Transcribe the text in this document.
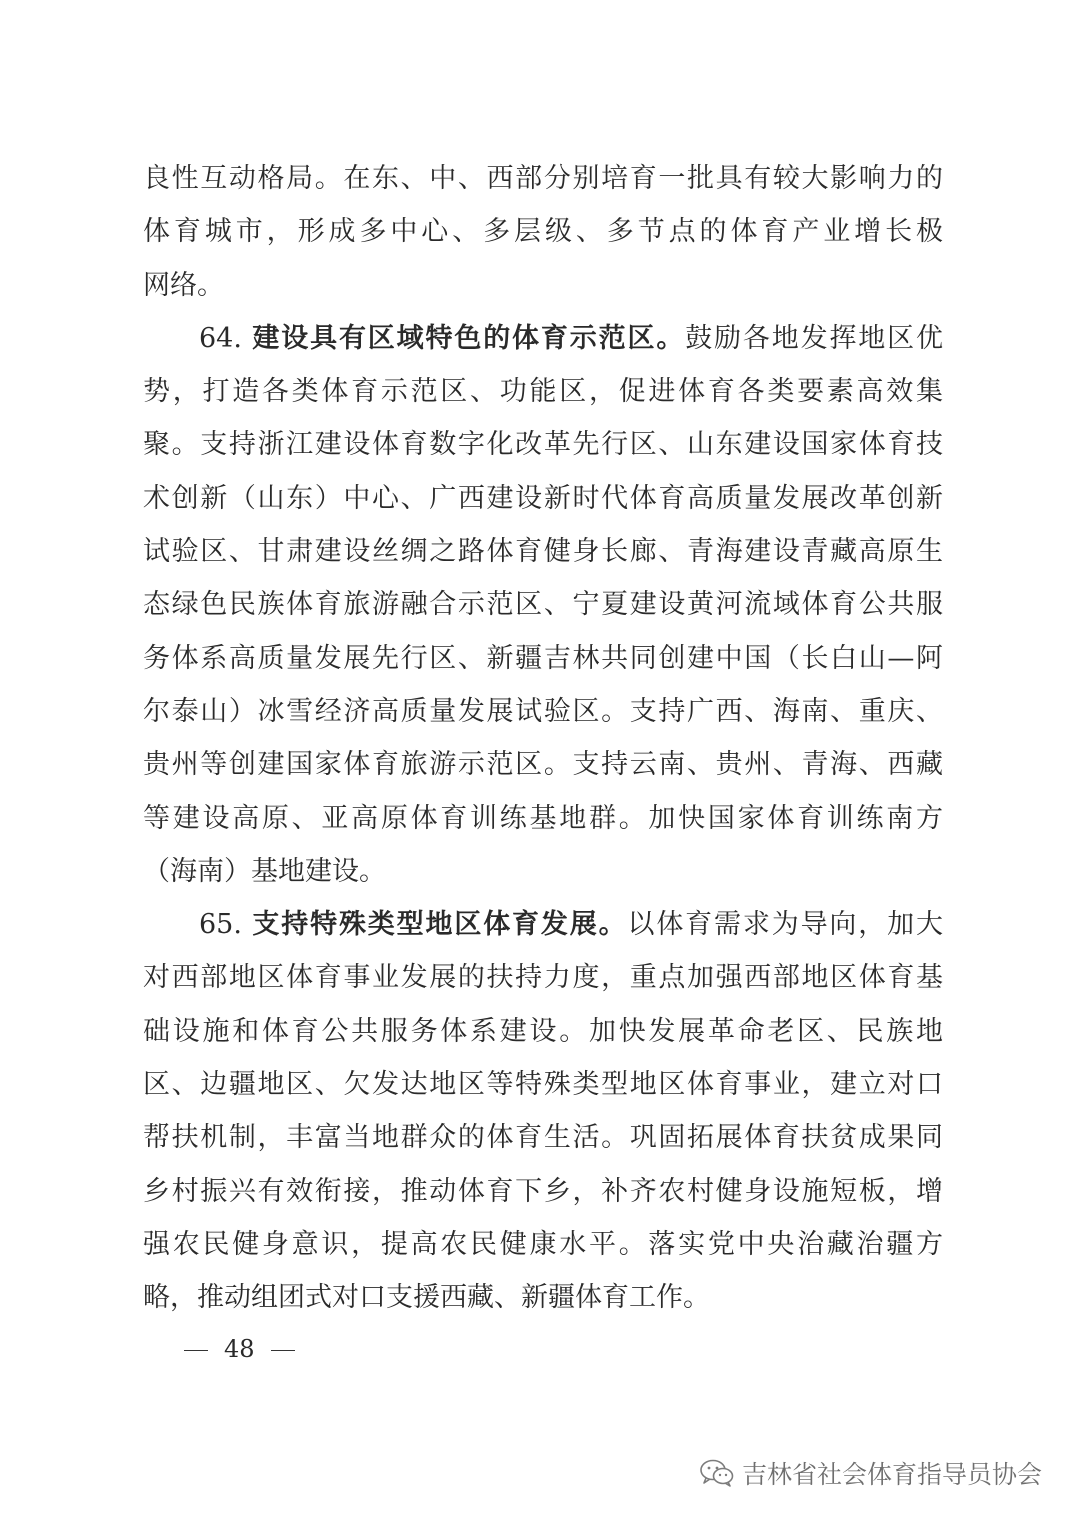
良性互动格局。在东、中、西部分别培育一批具有较大影响力的
体育城市，形成多中心、多层级、多节点的体育产业增长极
网络。
64. 建设具有区域特色的体育示范区。鼓励各地发挥地区优
势，打造各类体育示范区、功能区，促进体育各类要素高效集
聚。支持浙江建设体育数字化改革先行区、山东建设国家体育技
术创新（山东）中心、广西建设新时代体育高质量发展改革创新
试验区、甘肃建设丝绸之路体育健身长廊、青海建设青藏高原生
态绿色民族体育旅游融合示范区、宁夏建设黄河流域体育公共服
务体系高质量发展先行区、新疆吉林共同创建中国（长白山—阿
尔泰山）冰雪经济高质量发展试验区。支持广西、海南、重庆、
贵州等创建国家体育旅游示范区。支持云南、贵州、青海、西藏
等建设高原、亚高原体育训练基地群。加快国家体育训练南方
（海南）基地建设。
65. 支持特殊类型地区体育发展。以体育需求为导向，加大
对西部地区体育事业发展的扶持力度，重点加强西部地区体育基
础设施和体育公共服务体系建设。加快发展革命老区、民族地
区、边疆地区、欠发达地区等特殊类型地区体育事业，建立对口
帮扶机制，丰富当地群众的体育生活。巩固拓展体育扶贫成果同
乡村振兴有效衔接，推动体育下乡，补齐农村健身设施短板，增
强农民健身意识，提高农民健康水平。落实党中央治藏治疆方
略，推动组团式对口支援西藏、新疆体育工作。
48
吉林省社会体育指导员协会
